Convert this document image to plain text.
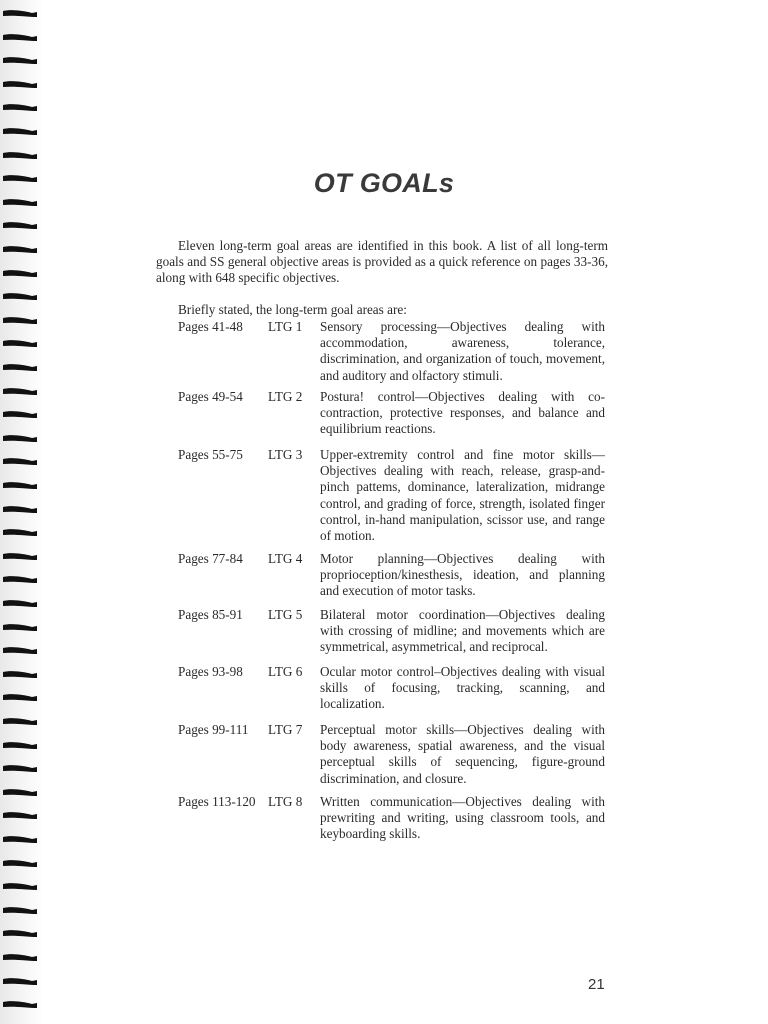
OT GOALs
Eleven long-term goal areas are identified in this book. A list of all long-term goals and SS general objective areas is provided as a quick reference on pages 33-36, along with 648 specific objectives.
Briefly stated, the long-term goal areas are:
Pages 41-48 LTG 1 Sensory processing—Objectives dealing with accommodation, awareness, tolerance, discrimination, and organization of touch, movement, and auditory and olfactory stimuli.
Pages 49-54 LTG 2 Postura! control—Objectives dealing with co-contraction, protective responses, and balance and equilibrium reactions.
Pages 55-75 LTG 3 Upper-extremity control and fine motor skills—Objectives dealing with reach, release, grasp-and-pinch pattems, dominance, lateralization, midrange control, and grading of force, strength, isolated finger control, in-hand manipulation, scissor use, and range of motion.
Pages 77-84 LTG 4 Motor planning—Objectives dealing with proprioception/kinesthesis, ideation, and planning and execution of motor tasks.
Pages 85-91 LTG 5 Bilateral motor coordination—Objectives dealing with crossing of midline; and movements which are symmetrical, asymmetrical, and reciprocal.
Pages 93-98 LTG 6 Ocular motor control–Objectives dealing with visual skills of focusing, tracking, scanning, and localization.
Pages 99-111 LTG 7 Perceptual motor skills—Objectives dealing with body awareness, spatial awareness, and the visual perceptual skills of sequencing, figure-ground discrimination, and closure.
Pages 113-120 LTG 8 Written communication—Objectives dealing with prewriting and writing, using classroom tools, and keyboarding skills.
21
